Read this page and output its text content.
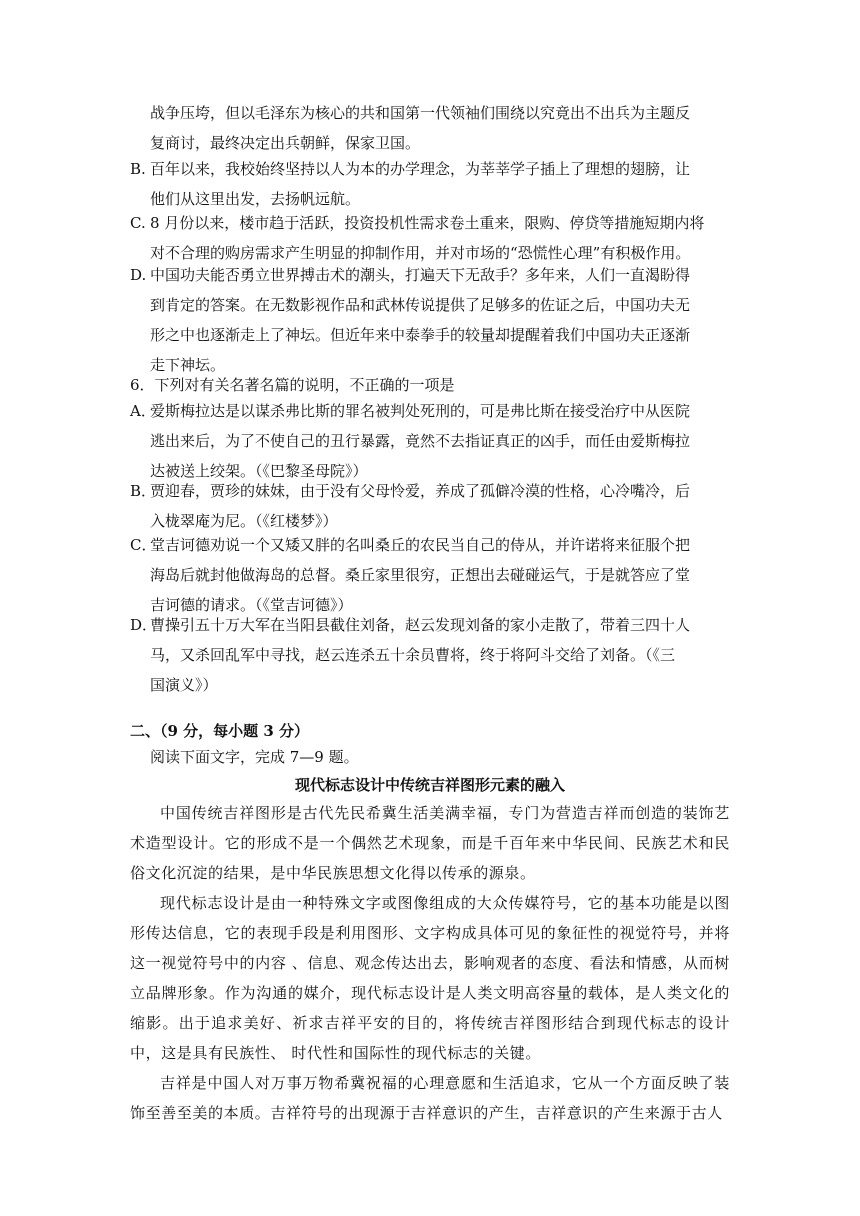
战争压垮，但以毛泽东为核心的共和国第一代领袖们围绕以究竟出不出兵为主题反
复商讨，最终决定出兵朝鲜，保家卫国。
B. 百年以来，我校始终坚持以人为本的办学理念，为莘莘学子插上了理想的翅膀，让
他们从这里出发，去扬帆远航。
C. 8 月份以来，楼市趋于活跃，投资投机性需求卷土重来，限购、停贷等措施短期内将
对不合理的购房需求产生明显的抑制作用，并对市场的“恐慌性心理”有积极作用。
D. 中国功夫能否勇立世界搏击术的潮头，打遍天下无敌手？多年来，人们一直渴盼得
到肯定的答案。在无数影视作品和武林传说提供了足够多的佐证之后，中国功夫无
形之中也逐渐走上了神坛。但近年来中泰拳手的较量却提醒着我们中国功夫正逐渐
走下神坛。
6．下列对有关名著名篇的说明，不正确的一项是
A．爱斯梅拉达是以谋杀弗比斯的罪名被判处死刑的，可是弗比斯在接受治疗中从医院
逃出来后，为了不使自己的丑行暴露，竟然不去指证真正的凶手，而任由爱斯梅拉
达被送上绞架。（《巴黎圣母院》）
B．贾迎春，贾珍的妹妹，由于没有父母怜爱，养成了孤僻冷漠的性格，心冷嘴冷，后
入栊翠庵为尼。（《红楼梦》）
C．堂吉诃德劝说一个又矮又胖的名叫桑丘的农民当自己的侍从，并许诺将来征服个把
海岛后就封他做海岛的总督。桑丘家里很穷，正想出去碰碰运气，于是就答应了堂
吉诃德的请求。（《堂吉诃德》）
D．曹操引五十万大军在当阳县截住刘备，赵云发现刘备的家小走散了，带着三四十人
马，又杀回乱军中寻找，赵云连杀五十余员曹将，终于将阿斗交给了刘备。（《三
国演义》）
二、（9 分，每小题 3 分）
阅读下面文字，完成 7—9 题。
现代标志设计中传统吉祥图形元素的融入

中国传统吉祥图形是古代先民希冀生活美满幸福，专门为营造吉祥而创造的装饰艺术造型设计。它的形成不是一个偶然艺术现象，而是千百年来中华民间、民族艺术和民俗文化沉淀的结果，是中华民族思想文化得以传承的源泉。

现代标志设计是由一种特殊文字或图像组成的大众传媒符号，它的基本功能是以图形传达信息，它的表现手段是利用图形、文字构成具体可见的象征性的视觉符号，并将这一视觉符号中的内容 、信息、观念传达出去，影响观者的态度、看法和情感，从而树立品牌形象。作为沟通的媒介，现代标志设计是人类文明高容量的载体，是人类文化的缩影。出于追求美好、祈求吉祥平安的目的，将传统吉祥图形结合到现代标志的设计中，这是具有民族性、 时代性和国际性的现代标志的关键。

吉祥是中国人对万事万物希冀祝福的心理意愿和生活追求，它从一个方面反映了装饰至善至美的本质。吉祥符号的出现源于吉祥意识的产生，吉祥意识的产生来源于古人
